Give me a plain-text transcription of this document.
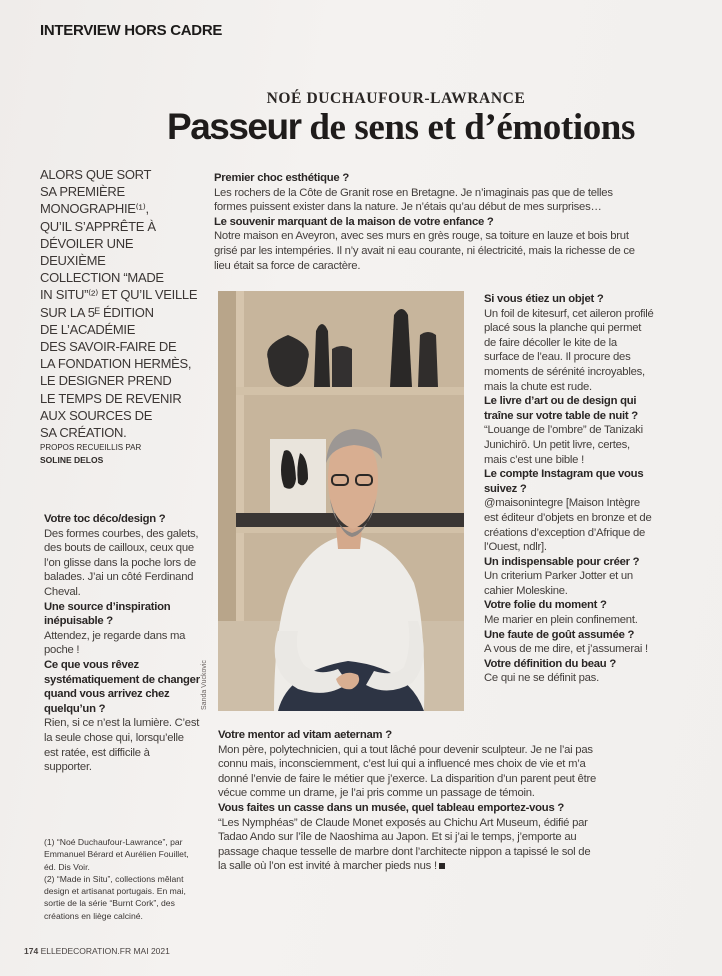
INTERVIEW HORS CADRE
NOÉ DUCHAUFOUR-LAWRANCE
Passeur de sens et d’émotions
ALORS QUE SORT
SA PREMIÈRE
MONOGRAPHIE⁽¹⁾,
QU’IL S’APPRÊTE À
DÉVOILER UNE DEUXIÈME
COLLECTION “MADE
IN SITU”⁽²⁾ ET QU’IL VEILLE
SUR LA 5ᴱ ÉDITION
DE L’ACADÉMIE
DES SAVOIR-FAIRE DE
LA FONDATION HERMÈS,
LE DESIGNER PREND
LE TEMPS DE REVENIR
AUX SOURCES DE
SA CRÉATION.
PROPOS RECUEILLIS PAR
SOLINE DELOS
Premier choc esthétique ?
Les rochers de la Côte de Granit rose en Bretagne. Je n’imaginais pas que de telles formes puissent exister dans la nature. Je n’étais qu’au début de mes surprises…
Le souvenir marquant de la maison de votre enfance ?
Notre maison en Aveyron, avec ses murs en grès rouge, sa toiture en lauze et bois brut grisé par les intempéries. Il n’y avait ni eau courante, ni électricité, mais la richesse de ce lieu était sa force de caractère.
Votre toc déco/design ?
Des formes courbes, des galets, des bouts de cailloux, ceux que l’on glisse dans la poche lors de balades. J’ai un côté Ferdinand Cheval.
Une source d’inspiration inépuisable ?
Attendez, je regarde dans ma poche !
Ce que vous rêvez systématiquement de changer quand vous arrivez chez quelqu’un ?
Rien, si ce n’est la lumière. C’est la seule chose qui, lorsqu’elle est ratée, est difficile à supporter.
Sanda Vuckovic
Si vous étiez un objet ?
Un foil de kitesurf, cet aileron profilé placé sous la planche qui permet de faire décoller le kite de la surface de l’eau. Il procure des moments de sérénité incroyables, mais la chute est rude.
Le livre d’art ou de design qui traîne sur votre table de nuit ?
“Louange de l’ombre” de Tanizaki Junichirō. Un petit livre, certes, mais c’est une bible !
Le compte Instagram que vous suivez ?
@maisonintegre [Maison Intègre est éditeur d’objets en bronze et de créations d’exception d’Afrique de l’Ouest, ndlr].
Un indispensable pour créer ?
Un criterium Parker Jotter et un cahier Moleskine.
Votre folie du moment ?
Me marier en plein confinement.
Une faute de goût assumée ?
A vous de me dire, et j’assumerai !
Votre définition du beau ?
Ce qui ne se définit pas.
Votre mentor ad vitam aeternam ?
Mon père, polytechnicien, qui a tout lâché pour devenir sculpteur. Je ne l’ai pas connu mais, inconsciemment, c’est lui qui a influencé mes choix de vie et m’a donné l’envie de faire le métier que j’exerce. La disparition d’un parent peut être vécue comme un drame, je l’ai pris comme un passage de témoin.
Vous faites un casse dans un musée, quel tableau emportez-vous ?
“Les Nymphéas” de Claude Monet exposés au Chichu Art Museum, édifié par Tadao Ando sur l’île de Naoshima au Japon. Et si j’ai le temps, j’emporte au passage chaque tesselle de marbre dont l’architecte nippon a tapissé le sol de la salle où l’on est invité à marcher pieds nus !
(1) “Noé Duchaufour-Lawrance”, par Emmanuel Bérard et Aurélien Fouillet, éd. Dis Voir.
(2) “Made in Situ”, collections mêlant design et artisanat portugais. En mai, sortie de la série “Burnt Cork”, des créations en liège calciné.
174 ELLEDECORATION.FR MAI 2021
